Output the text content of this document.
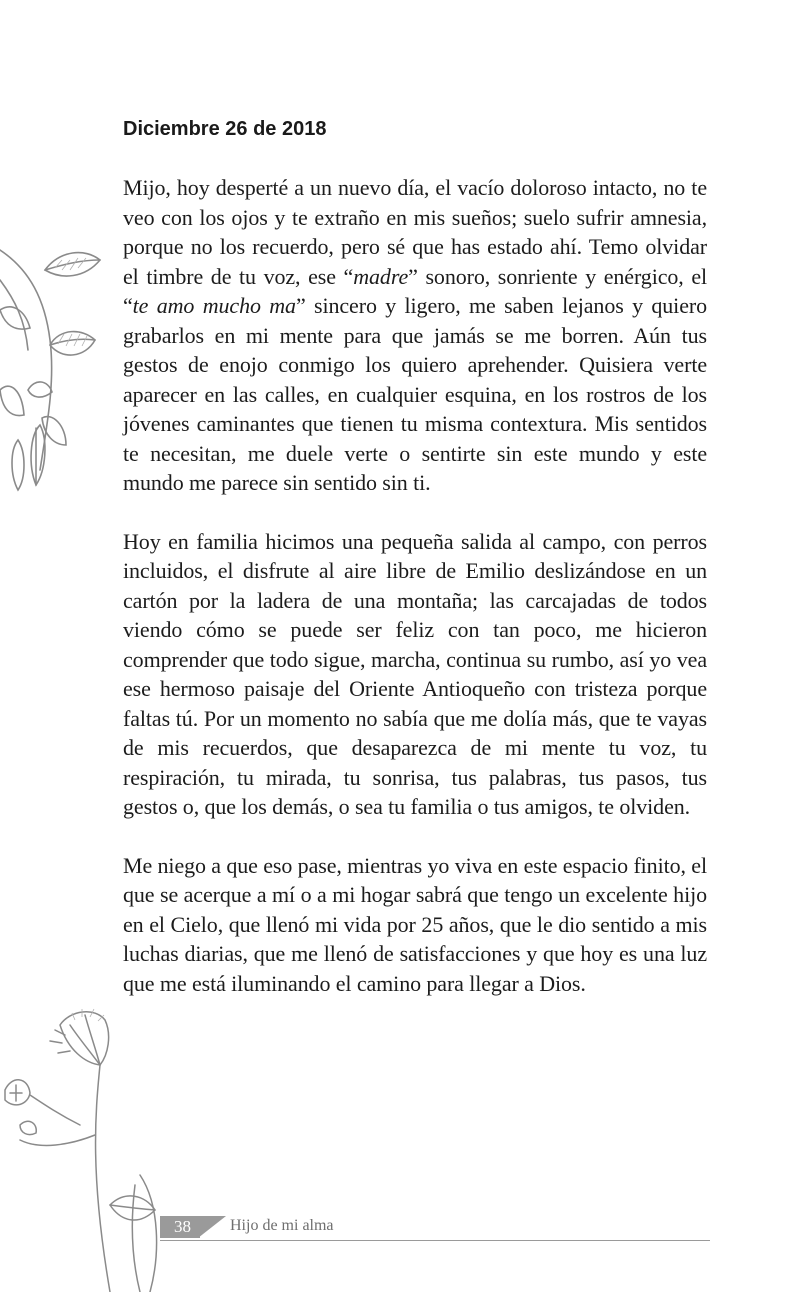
Diciembre 26 de 2018

Mijo, hoy desperté a un nuevo día, el vacío doloroso intacto, no te veo con los ojos y te extraño en mis sueños; suelo sufrir amnesia, porque no los recuerdo, pero sé que has estado ahí. Temo olvidar el timbre de tu voz, ese “madre” sonoro, sonriente y enérgico, el “te amo mucho ma” sincero y ligero, me saben lejanos y quiero grabarlos en mi mente para que jamás se me borren. Aún tus gestos de enojo conmigo los quiero aprehender. Quisiera verte aparecer en las calles, en cualquier esquina, en los rostros de los jóvenes caminantes que tienen tu misma contextura. Mis sentidos te necesitan, me duele verte o sentirte sin este mundo y este mundo me parece sin sentido sin ti.

Hoy en familia hicimos una pequeña salida al campo, con perros incluidos, el disfrute al aire libre de Emilio deslizándose en un cartón por la ladera de una montaña; las carcajadas de todos viendo cómo se puede ser feliz con tan poco, me hicieron comprender que todo sigue, marcha, continua su rumbo, así yo vea ese hermoso paisaje del Oriente Antioqueño con tristeza porque faltas tú. Por un momento no sabía que me dolía más, que te vayas de mis recuerdos, que desaparezca de mi mente tu voz, tu respiración, tu mirada, tu sonrisa, tus palabras, tus pasos, tus gestos o, que los demás, o sea tu familia o tus amigos, te olviden.

Me niego a que eso pase, mientras yo viva en este espacio finito, el que se acerque a mí o a mi hogar sabrá que tengo un excelente hijo en el Cielo, que llenó mi vida por 25 años, que le dio sentido a mis luchas diarias, que me llenó de satisfacciones y que hoy es una luz que me está iluminando el camino para llegar a Dios.

38 Hijo de mi alma
